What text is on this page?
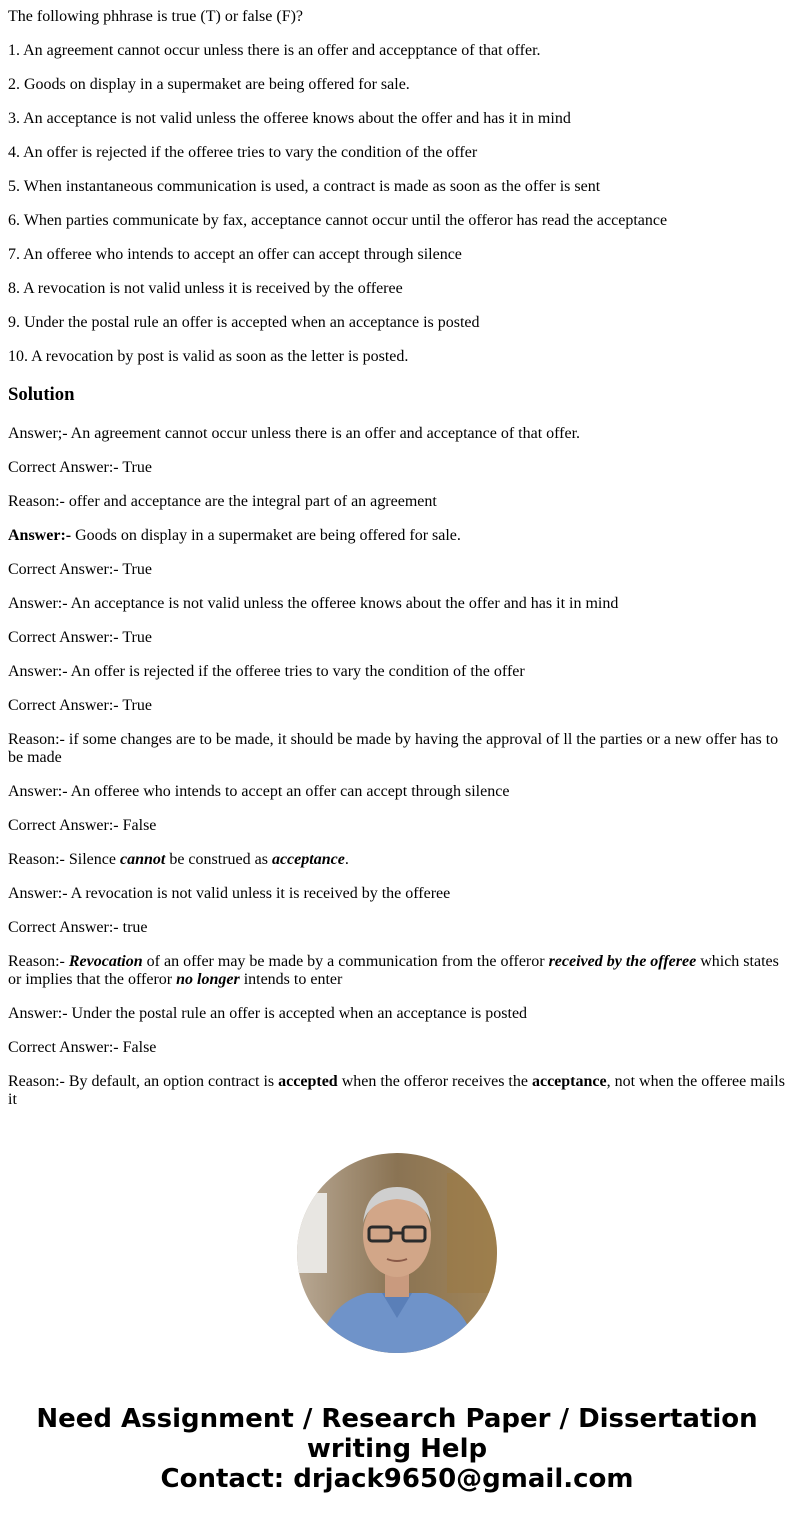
The following phhrase is true (T) or false (F)?

1. An agreement cannot occur unless there is an offer and accepptance of that offer.

2. Goods on display in a supermaket are being offered for sale.

3. An acceptance is not valid unless the offeree knows about the offer and has it in mind

4. An offer is rejected if the offeree tries to vary the condition of the offer

5. When instantaneous communication is used, a contract is made as soon as the offer is sent

6. When parties communicate by fax, acceptance cannot occur until the offeror has read the acceptance

7. An offeree who intends to accept an offer can accept through silence

8. A revocation is not valid unless it is received by the offeree

9. Under the postal rule an offer is accepted when an acceptance is posted

10. A revocation by post is valid as soon as the letter is posted.

Solution

Answer;- An agreement cannot occur unless there is an offer and acceptance of that offer.

Correct Answer:- True

Reason:- offer and acceptance are the integral part of an agreement

Answer:- Goods on display in a supermaket are being offered for sale.

Correct Answer:- True

Answer:- An acceptance is not valid unless the offeree knows about the offer and has it in mind

Correct Answer:- True

Answer:- An offer is rejected if the offeree tries to vary the condition of the offer

Correct Answer:- True

Reason:- if some changes are to be made, it should be made by having the approval of ll the parties or a new offer has to be made

Answer:- An offeree who intends to accept an offer can accept through silence

Correct Answer:- False

Reason:- Silence cannot be construed as acceptance.

Answer:- A revocation is not valid unless it is received by the offeree

Correct Answer:- true

Reason:- Revocation of an offer may be made by a communication from the offeror received by the offeree which states or implies that the offeror no longer intends to enter

Answer:- Under the postal rule an offer is accepted when an acceptance is posted

Correct Answer:- False

Reason:- By default, an option contract is accepted when the offeror receives the acceptance, not when the offeree mails it

Need Assignment / Research Paper / Dissertation
writing Help
Contact: drjack9650@gmail.com
